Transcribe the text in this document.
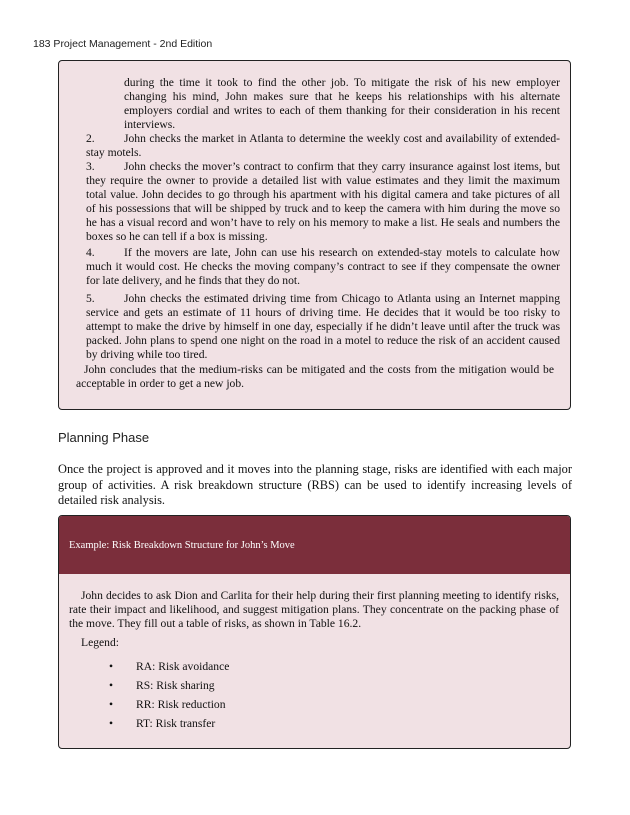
183 Project Management - 2nd Edition
during the time it took to find the other job. To mitigate the risk of his new employer changing his mind, John makes sure that he keeps his relationships with his alternate employers cordial and writes to each of them thanking for their consideration in his recent interviews.
2.	John checks the market in Atlanta to determine the weekly cost and availability of extended-stay motels.
3.	John checks the mover’s contract to confirm that they carry insurance against lost items, but they require the owner to provide a detailed list with value estimates and they limit the maximum total value. John decides to go through his apartment with his digital camera and take pictures of all of his possessions that will be shipped by truck and to keep the camera with him during the move so he has a visual record and won’t have to rely on his memory to make a list. He seals and numbers the boxes so he can tell if a box is missing.
4.	If the movers are late, John can use his research on extended-stay motels to calculate how much it would cost. He checks the moving company’s contract to see if they compensate the owner for late delivery, and he finds that they do not.
5.	John checks the estimated driving time from Chicago to Atlanta using an Internet mapping service and gets an estimate of 11 hours of driving time. He decides that it would be too risky to attempt to make the drive by himself in one day, especially if he didn’t leave until after the truck was packed. John plans to spend one night on the road in a motel to reduce the risk of an accident caused by driving while too tired.
John concludes that the medium-risks can be mitigated and the costs from the mitigation would be acceptable in order to get a new job.
Planning Phase
Once the project is approved and it moves into the planning stage, risks are identified with each major group of activities. A risk breakdown structure (RBS) can be used to identify increasing levels of detailed risk analysis.
Example: Risk Breakdown Structure for John’s Move
John decides to ask Dion and Carlita for their help during their first planning meeting to identify risks, rate their impact and likelihood, and suggest mitigation plans. They concentrate on the packing phase of the move. They fill out a table of risks, as shown in Table 16.2.
Legend:
• RA: Risk avoidance
• RS: Risk sharing
• RR: Risk reduction
• RT: Risk transfer
